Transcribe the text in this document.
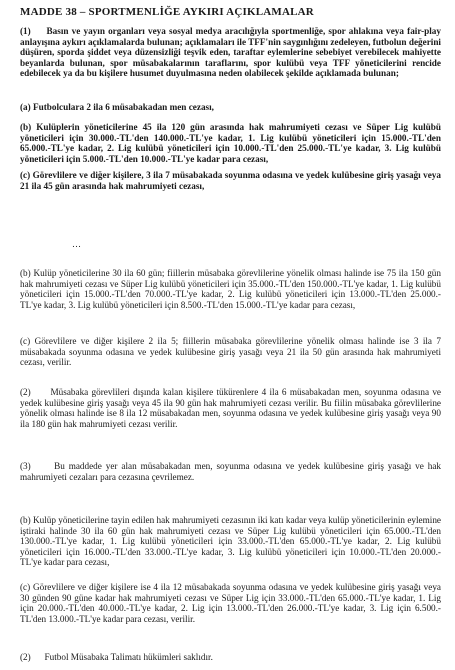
MADDE 38 – SPORTMENLİĞE AYKIRI AÇIKLAMALAR
(1) Basın ve yayın organları veya sosyal medya aracılığıyla sportmenliğe, spor ahlakına veya fair-play anlayışına aykırı açıklamalarda bulunan; açıklamaları ile TFF'nin saygınlığını zedeleyen, futbolun değerini düşüren, sporda şiddet veya düzensizliği teşvik eden, taraftar eylemlerine sebebiyet verebilecek mahiyette beyanlarda bulunan, spor müsabakalarının taraflarını, spor kulübü veya TFF yöneticilerini rencide edebilecek ya da bu kişilere husumet duyulmasına neden olabilecek şekilde açıklamada bulunan;
(a) Futbolculara 2 ila 6 müsabakadan men cezası,
(b) Kulüplerin yöneticilerine 45 ila 120 gün arasında hak mahrumiyeti cezası ve Süper Lig kulübü yöneticileri için 30.000.-TL'den 140.000.-TL'ye kadar, 1. Lig kulübü yöneticileri için 15.000.-TL'den 65.000.-TL'ye kadar, 2. Lig kulübü yöneticileri için 10.000.-TL'den 25.000.-TL'ye kadar, 3. Lig kulübü yöneticileri için 5.000.-TL'den 10.000.-TL'ye kadar para cezası,
(c) Görevlilere ve diğer kişilere, 3 ila 7 müsabakada soyunma odasına ve yedek kulübesine giriş yasağı veya 21 ila 45 gün arasında hak mahrumiyeti cezası,
…
(b) Kulüp yöneticilerine 30 ila 60 gün; fiillerin müsabaka görevlilerine yönelik olması halinde ise 75 ila 150 gün hak mahrumiyeti cezası ve Süper Lig kulübü yöneticileri için 35.000.-TL'den 150.000.-TL'ye kadar, 1. Lig kulübü yöneticileri için 15.000.-TL'den 70.000.-TL'ye kadar, 2. Lig kulübü yöneticileri için 13.000.-TL'den 25.000.-TL'ye kadar, 3. Lig kulübü yöneticileri için 8.500.-TL'den 15.000.-TL'ye kadar para cezası,
(c) Görevlilere ve diğer kişilere 2 ila 5; fiillerin müsabaka görevlilerine yönelik olması halinde ise 3 ila 7 müsabakada soyunma odasına ve yedek kulübesine giriş yasağı veya 21 ila 50 gün arasında hak mahrumiyeti cezası, verilir.
(2) Müsabaka görevlileri dışında kalan kişilere tükürenlere 4 ila 6 müsabakadan men, soyunma odasına ve yedek kulübesine giriş yasağı veya 45 ila 90 gün hak mahrumiyeti cezası verilir. Bu fiilin müsabaka görevlilerine yönelik olması halinde ise 8 ila 12 müsabakadan men, soyunma odasına ve yedek kulübesine giriş yasağı veya 90 ila 180 gün hak mahrumiyeti cezası verilir.
(3)	Bu maddede yer alan müsabakadan men, soyunma odasına ve yedek kulübesine giriş yasağı ve hak mahrumiyeti cezaları para cezasına çevrilemez.
(b) Kulüp yöneticilerine tayin edilen hak mahrumiyeti cezasının iki katı kadar veya kulüp yöneticilerinin eylemine iştiraki halinde 30 ila 60 gün hak mahrumiyeti cezası ve Süper Lig kulübü yöneticileri için 65.000.-TL'den 130.000.-TL'ye kadar, 1. Lig kulübü yöneticileri için 33.000.-TL'den 65.000.-TL'ye kadar, 2. Lig kulübü yöneticileri için 16.000.-TL'den 33.000.-TL'ye kadar, 3. Lig kulübü yöneticileri için 10.000.-TL'den 20.000.-TL'ye kadar para cezası,
(c) Görevlilere ve diğer kişilere ise 4 ila 12 müsabakada soyunma odasına ve yedek kulübesine giriş yasağı veya 30 günden 90 güne kadar hak mahrumiyeti cezası ve Süper Lig için 33.000.-TL'den 65.000.-TL'ye kadar, 1. Lig için 20.000.-TL'den 40.000.-TL'ye kadar, 2. Lig için 13.000.-TL'den 26.000.-TL'ye kadar, 3. Lig için 6.500.-TL'den 13.000.-TL'ye kadar para cezası, verilir.
(2) Futbol Müsabaka Talimatı hükümleri saklıdır.
